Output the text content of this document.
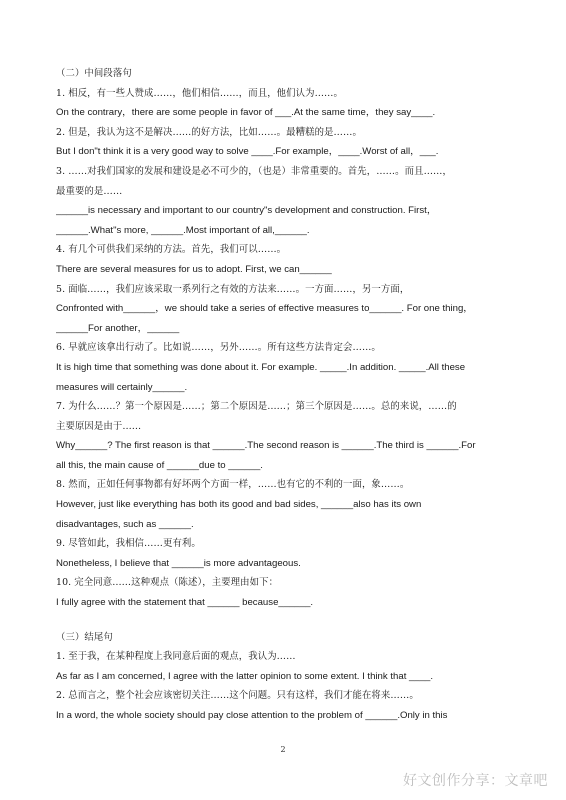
（二）中间段落句
1. 相反，有一些人赞成……，他们相信……，而且，他们认为……。
On the contrary，there are some people in favor of ___.At the same time，they say____.
2. 但是，我认为这不是解决……的好方法，比如……。最糟糕的是……。
But I don"t think it is a very good way to solve ____.For example，____.Worst of all，___.
3. ……对我们国家的发展和建设是必不可少的，（也是）非常重要的。首先，……。而且……，
最重要的是……
______is necessary and important to our country"s development and construction. First，
______.What"s more, ______.Most important of all,______.
4. 有几个可供我们采纳的方法。首先，我们可以……。
There are several measures for us to adopt. First, we can______
5. 面临……，我们应该采取一系列行之有效的方法来……。一方面……，另一方面，
Confronted with______，we should take a series of effective measures to______. For one thing，
______For another，______
6. 早就应该拿出行动了。比如说……，另外……。所有这些方法肯定会……。
It is high time that something was done about it. For example. _____.In addition. _____.All these
measures will certainly______.
7. 为什么……？第一个原因是……；第二个原因是……；第三个原因是……。总的来说，……的
主要原因是由于……
Why______? The first reason is that ______.The second reason is ______.The third is ______.For
all this, the main cause of ______due to ______.
8. 然而，正如任何事物都有好坏两个方面一样，……也有它的不利的一面，象……。
However, just like everything has both its good and bad sides, ______also has its own
disadvantages, such as ______.
9. 尽管如此，我相信……更有利。
Nonetheless, I believe that ______is more advantageous.
10. 完全同意……这种观点（陈述），主要理由如下：
I fully agree with the statement that ______ because______.
（三）结尾句
1. 至于我，在某种程度上我同意后面的观点，我认为……
As far as I am concerned, I agree with the latter opinion to some extent. I think that ____.
2. 总而言之，整个社会应该密切关注……这个问题。只有这样，我们才能在将来……。
In a word, the whole society should pay close attention to the problem of ______.Only in this
2
好文创作分享：文章吧
